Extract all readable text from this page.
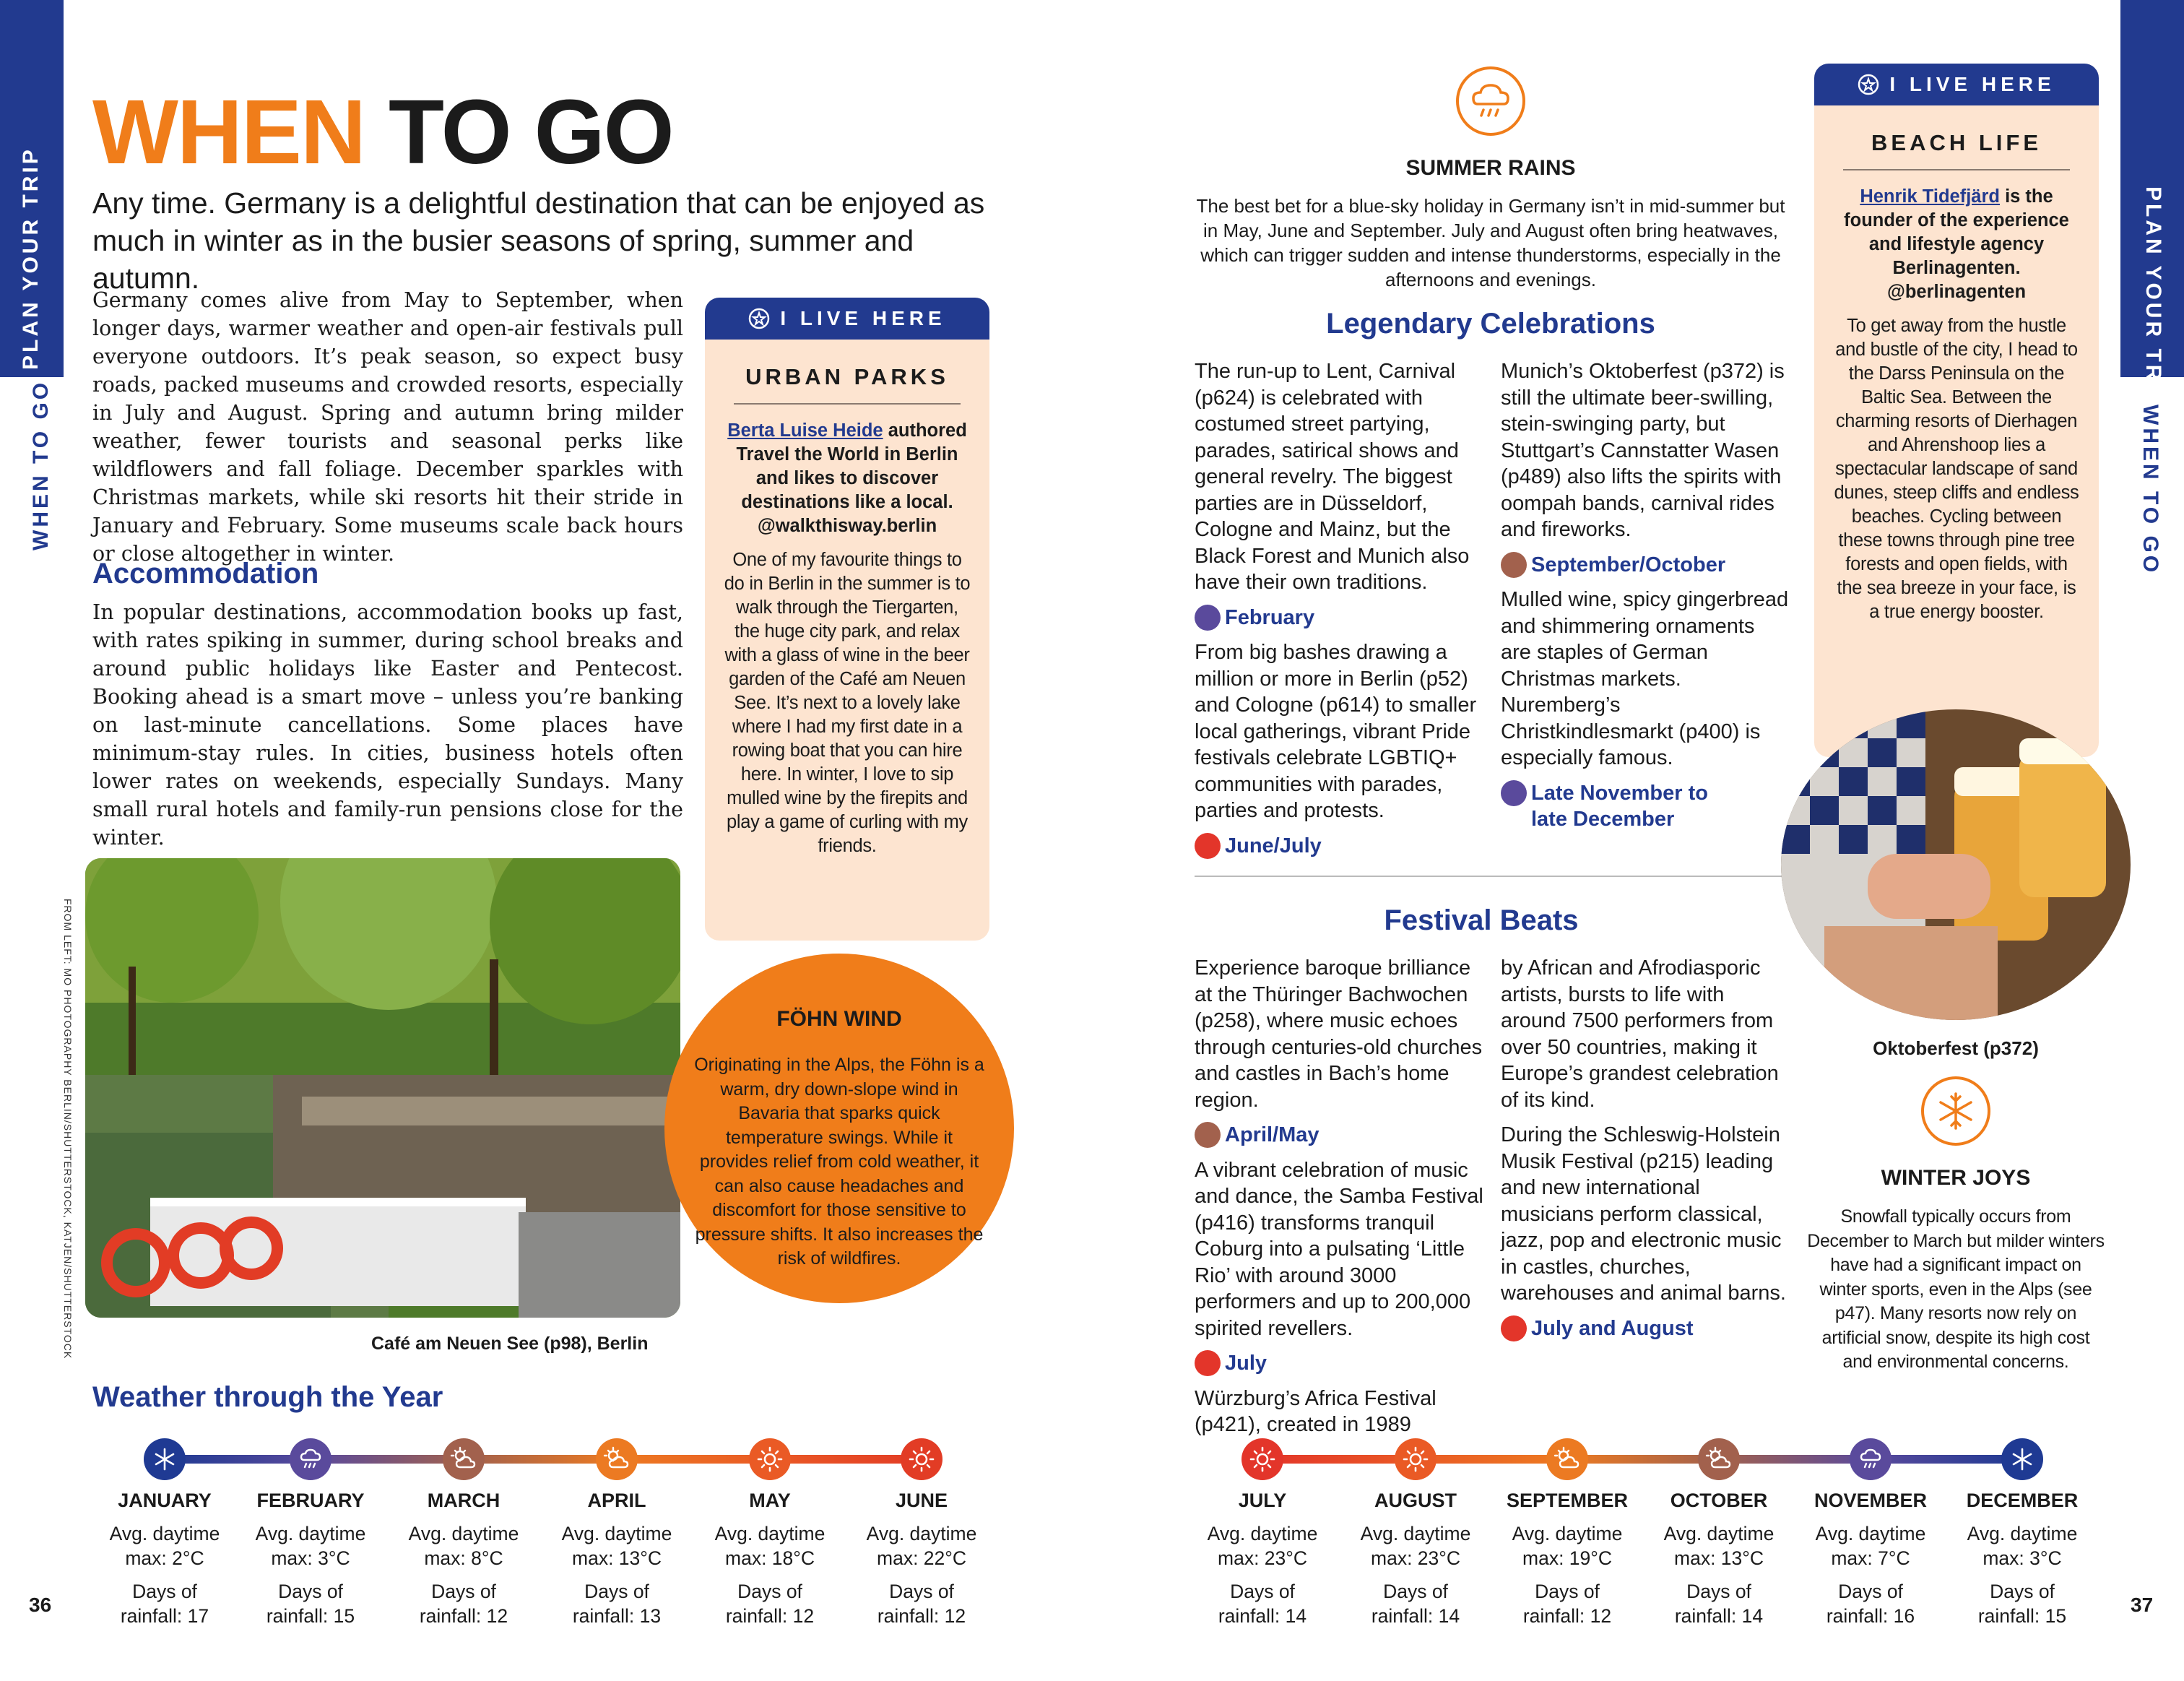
PLAN YOUR TRIP
WHEN TO GO
PLAN YOUR TRIP
WHEN TO GO
WHEN TO GO
Any time. Germany is a delightful destination that can be enjoyed as much in winter as in the busier seasons of spring, summer and autumn.
Germany comes alive from May to September, when longer days, warmer weather and open-air festivals pull everyone outdoors. It’s peak season, so expect busy roads, packed museums and crowded resorts, especially in July and August. Spring and autumn bring milder weather, fewer tourists and seasonal perks like wildflowers and fall foliage. December sparkles with Christmas markets, while ski resorts hit their stride in January and February. Some museums scale back hours or close altogether in winter.
Accommodation
In popular destinations, accommodation books up fast, with rates spiking in summer, during school breaks and around public holidays like Easter and Pentecost. Booking ahead is a smart move – unless you’re banking on last-minute cancellations. Some places have minimum-stay rules. In cities, business hotels often lower rates on weekends, especially Sundays. Many small rural hotels and family-run pensions close for the winter.
I LIVE HERE
URBAN PARKS
Berta Luise Heide authored Travel the World in Berlin and likes to discover destinations like a local. @walkthisway.berlin
One of my favourite things to do in Berlin in the summer is to walk through the Tiergarten, the huge city park, and relax with a glass of wine in the beer garden of the Café am Neuen See. It’s next to a lovely lake where I had my first date in a rowing boat that you can hire here. In winter, I love to sip mulled wine by the firepits and play a game of curling with my friends.
FROM LEFT: MO PHOTOGRAPHY BERLIN/SHUTTERSTOCK, KATJEN/SHUTTERSTOCK	Café am Neuen See (p98), Berlin
FÖHN WIND
Originating in the Alps, the Föhn is a warm, dry down-slope wind in Bavaria that sparks quick temperature swings. While it provides relief from cold weather, it can also cause headaches and discomfort for those sensitive to pressure shifts. It also increases the risk of wildfires.
SUMMER RAINS
The best bet for a blue-sky holiday in Germany isn’t in mid-summer but in May, June and September. July and August often bring heatwaves, which can trigger sudden and intense thunderstorms, especially in the afternoons and evenings.
Legendary Celebrations

The run-up to Lent, Carnival (p624) is celebrated with costumed street partying, parades, satirical shows and general revelry. The biggest parties are in Düsseldorf, Cologne and Mainz, but the Black Forest and Munich also have their own traditions.

February

From big bashes drawing a million or more in Berlin (p52) and Cologne (p614) to smaller local gatherings, vibrant Pride festivals celebrate LGBTIQ+ communities with parades, parties and protests.

June/July

Munich’s Oktoberfest (p372) is still the ultimate beer-swilling, stein-swinging party, but Stuttgart’s Cannstatter Wasen (p489) also lifts the spirits with oompah bands, carnival rides and fireworks.

September/October

Mulled wine, spicy gingerbread and shimmering ornaments are staples of German Christmas markets. Nuremberg’s Christkindlesmarkt (p400) is especially famous.

Late November to late December

Festival Beats

Experience baroque brilliance at the Thüringer Bachwochen (p258), where music echoes through centuries-old churches and castles in Bach’s home region.

April/May

A vibrant celebration of music and dance, the Samba Festival (p416) transforms tranquil Coburg into a pulsating ‘Little Rio’ with around 3000 performers and up to 200,000 spirited revellers.

July

Würzburg’s Africa Festival (p421), created in 1989

by African and Afrodiasporic artists, bursts to life with around 7500 performers from over 50 countries, making it Europe’s grandest celebration of its kind.

During the Schleswig-Holstein Musik Festival (p215) leading and new international musicians perform classical, jazz, pop and electronic music in castles, churches, warehouses and animal barns.

July and August

I LIVE HERE
BEACH LIFE
Henrik Tidefjärd is the founder of the experience and lifestyle agency Berlinagenten. @berlinagenten
To get away from the hustle and bustle of the city, I head to the Darss Peninsula on the Baltic Sea. Between the charming resorts of Dierhagen and Ahrenshoop lies a spectacular landscape of sand dunes, steep cliffs and endless beaches. Cycling between these towns through pine tree forests and open fields, with the sea breeze in your face, is a true energy booster.
Oktoberfest (p372)
WINTER JOYS
Snowfall typically occurs from December to March but milder winters have had a significant impact on winter sports, even in the Alps (see p47). Many resorts now rely on artificial snow, despite its high cost and environmental concerns.
Weather through the Year
JANUARY
Avg. daytime
max: 2°C
Days of
rainfall: 17
FEBRUARY
Avg. daytime
max: 3°C
Days of
rainfall: 15
MARCH
Avg. daytime
max: 8°C
Days of
rainfall: 12
APRIL
Avg. daytime
max: 13°C
Days of
rainfall: 13
MAY
Avg. daytime
max: 18°C
Days of
rainfall: 12
JUNE
Avg. daytime
max: 22°C
Days of
rainfall: 12
JULY
Avg. daytime
max: 23°C
Days of
rainfall: 14
AUGUST
Avg. daytime
max: 23°C
Days of
rainfall: 14
SEPTEMBER
Avg. daytime
max: 19°C
Days of
rainfall: 12
OCTOBER
Avg. daytime
max: 13°C
Days of
rainfall: 14
NOVEMBER
Avg. daytime
max: 7°C
Days of
rainfall: 16
DECEMBER
Avg. daytime
max: 3°C
Days of
rainfall: 15
36	37
